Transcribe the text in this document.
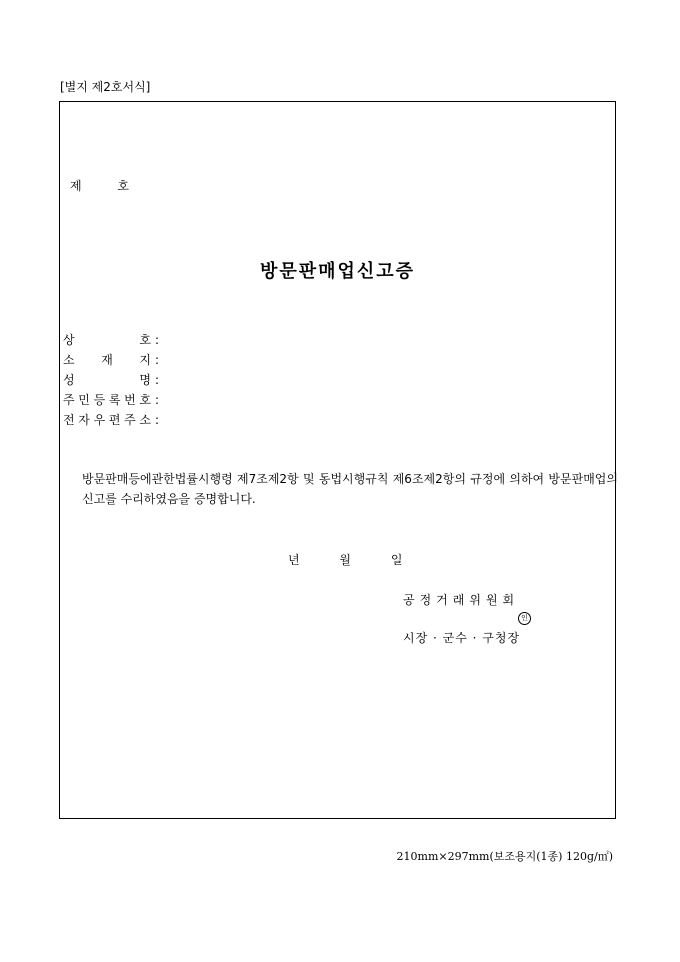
[별지 제2호서식]
제 호
방문판매업신고증
상	호 :
소 재 지 :
성	명 :
주 민 등 록 번 호 :
전 자 우 편 주 소 :
방문판매등에관한법률시행령 제7조제2항 및 동법시행규칙 제6조제2항의 규정에 의하여 방문판매업의 신고를 수리하였음을 증명합니다.
년 월 일
공정거래위원회
인
시장 · 군수 · 구청장
210mm×297mm(보조용지(1종) 120g/㎡)
